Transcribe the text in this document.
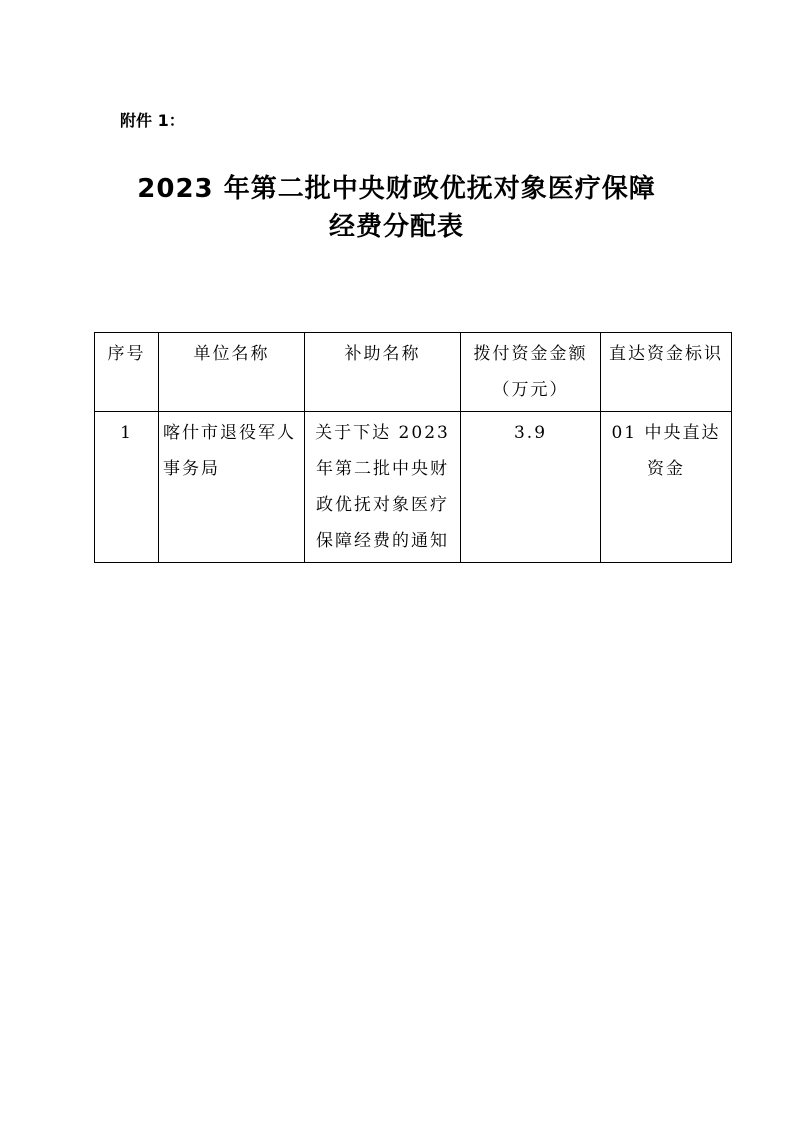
附件 1：
2023 年第二批中央财政优抚对象医疗保障
经费分配表
序号	单位名称	补助名称	拨付资金金额（万元）	直达资金标识
1	喀什市退役军人事务局	关于下达 2023 年第二批中央财政优抚对象医疗保障经费的通知	3.9	01 中央直达资金
